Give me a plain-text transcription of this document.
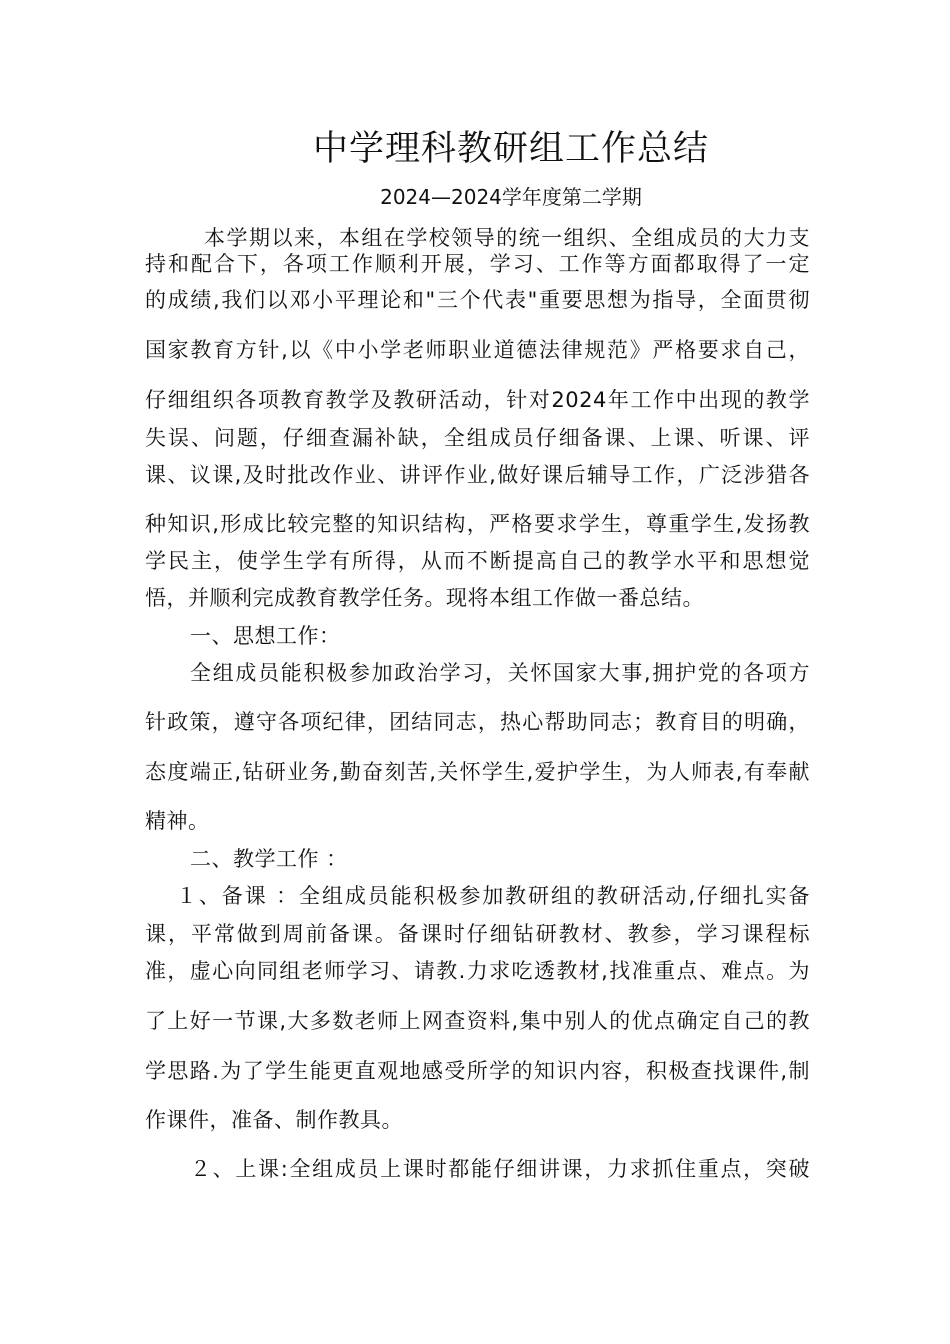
中学理科教研组工作总结
2024—2024学年度第二学期
本学期以来，本组在学校领导的统一组织、全组成员的大力支
持和配合下，各项工作顺利开展，学习、工作等方面都取得了一定
的成绩,我们以邓小平理论和"三个代表"重要思想为指导，全面贯彻
国家教育方针,以《中小学老师职业道德法律规范》严格要求自己，
仔细组织各项教育教学及教研活动，针对2024年工作中出现的教学
失误、问题，仔细查漏补缺，全组成员仔细备课、上课、听课、评
课、议课,及时批改作业、讲评作业,做好课后辅导工作，广泛涉猎各
种知识,形成比较完整的知识结构，严格要求学生，尊重学生,发扬教
学民主，使学生学有所得，从而不断提高自己的教学水平和思想觉
悟，并顺利完成教育教学任务。现将本组工作做一番总结。
一、思想工作：
全组成员能积极参加政治学习，关怀国家大事,拥护党的各项方
针政策，遵守各项纪律，团结同志，热心帮助同志；教育目的明确，
态度端正,钻研业务,勤奋刻苦,关怀学生,爱护学生，为人师表,有奉献
精神。
二、教学工作 ：
１、备课 ：全组成员能积极参加教研组的教研活动,仔细扎实备
课，平常做到周前备课。备课时仔细钻研教材、教参，学习课程标
准，虚心向同组老师学习、请教.力求吃透教材,找准重点、难点。为
了上好一节课,大多数老师上网查资料,集中别人的优点确定自己的教
学思路.为了学生能更直观地感受所学的知识内容，积极查找课件,制
作课件，准备、制作教具。
２、上课:全组成员上课时都能仔细讲课，力求抓住重点，突破
